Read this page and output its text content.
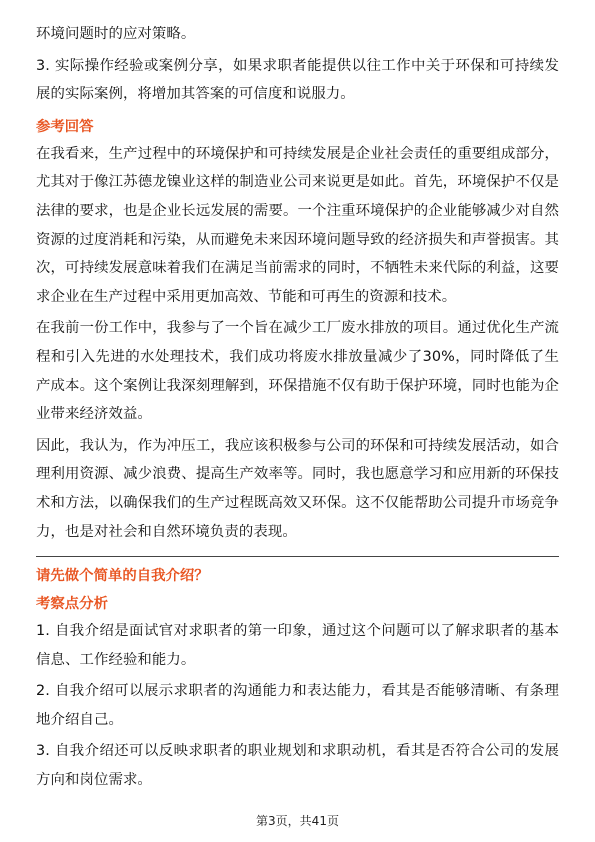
环境问题时的应对策略。

3. 实际操作经验或案例分享，如果求职者能提供以往工作中关于环保和可持续发展的实际案例，将增加其答案的可信度和说服力。

参考回答

在我看来，生产过程中的环境保护和可持续发展是企业社会责任的重要组成部分，尤其对于像江苏德龙镍业这样的制造业公司来说更是如此。首先，环境保护不仅是法律的要求，也是企业长远发展的需要。一个注重环境保护的企业能够减少对自然资源的过度消耗和污染，从而避免未来因环境问题导致的经济损失和声誉损害。其次，可持续发展意味着我们在满足当前需求的同时，不牺牲未来代际的利益，这要求企业在生产过程中采用更加高效、节能和可再生的资源和技术。

在我前一份工作中，我参与了一个旨在减少工厂废水排放的项目。通过优化生产流程和引入先进的水处理技术，我们成功将废水排放量减少了30%，同时降低了生产成本。这个案例让我深刻理解到，环保措施不仅有助于保护环境，同时也能为企业带来经济效益。

因此，我认为，作为冲压工，我应该积极参与公司的环保和可持续发展活动，如合理利用资源、减少浪费、提高生产效率等。同时，我也愿意学习和应用新的环保技术和方法，以确保我们的生产过程既高效又环保。这不仅能帮助公司提升市场竞争力，也是对社会和自然环境负责的表现。

请先做个简单的自我介绍？
考察点分析

1. 自我介绍是面试官对求职者的第一印象，通过这个问题可以了解求职者的基本信息、工作经验和能力。

2. 自我介绍可以展示求职者的沟通能力和表达能力，看其是否能够清晰、有条理地介绍自己。

3. 自我介绍还可以反映求职者的职业规划和求职动机，看其是否符合公司的发展方向和岗位需求。

第3页，共41页
